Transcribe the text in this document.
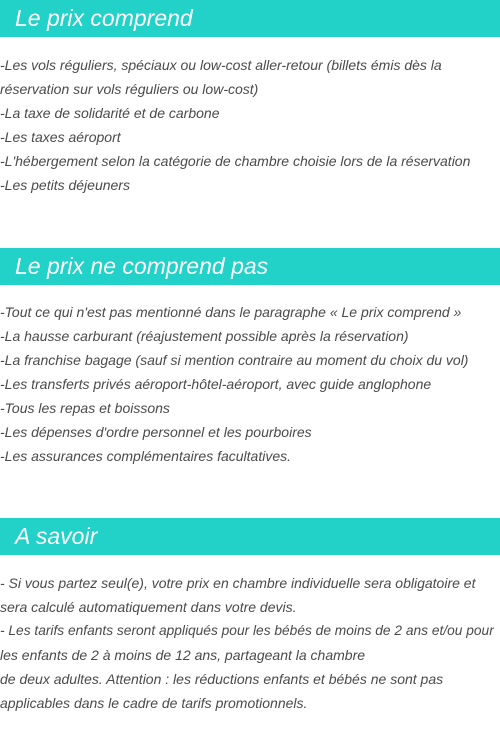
Le prix comprend
-Les vols réguliers, spéciaux ou low-cost aller-retour (billets émis dès la
réservation sur vols réguliers ou low-cost)
-La taxe de solidarité et de carbone
-Les taxes aéroport
-L'hébergement selon la catégorie de chambre choisie lors de la réservation
-Les petits déjeuners
Le prix ne comprend pas
-Tout ce qui n'est pas mentionné dans le paragraphe « Le prix comprend »
-La hausse carburant (réajustement possible après la réservation)
-La franchise bagage (sauf si mention contraire au moment du choix du vol)
-Les transferts privés aéroport-hôtel-aéroport, avec guide anglophone
-Tous les repas et boissons
-Les dépenses d'ordre personnel et les pourboires
-Les assurances complémentaires facultatives.
A savoir
- Si vous partez seul(e), votre prix en chambre individuelle sera obligatoire et
sera calculé automatiquement dans votre devis.
- Les tarifs enfants seront appliqués pour les bébés de moins de 2 ans et/ou pour
les enfants de 2 à moins de 12 ans, partageant la chambre
de deux adultes. Attention : les réductions enfants et bébés ne sont pas
applicables dans le cadre de tarifs promotionnels.
